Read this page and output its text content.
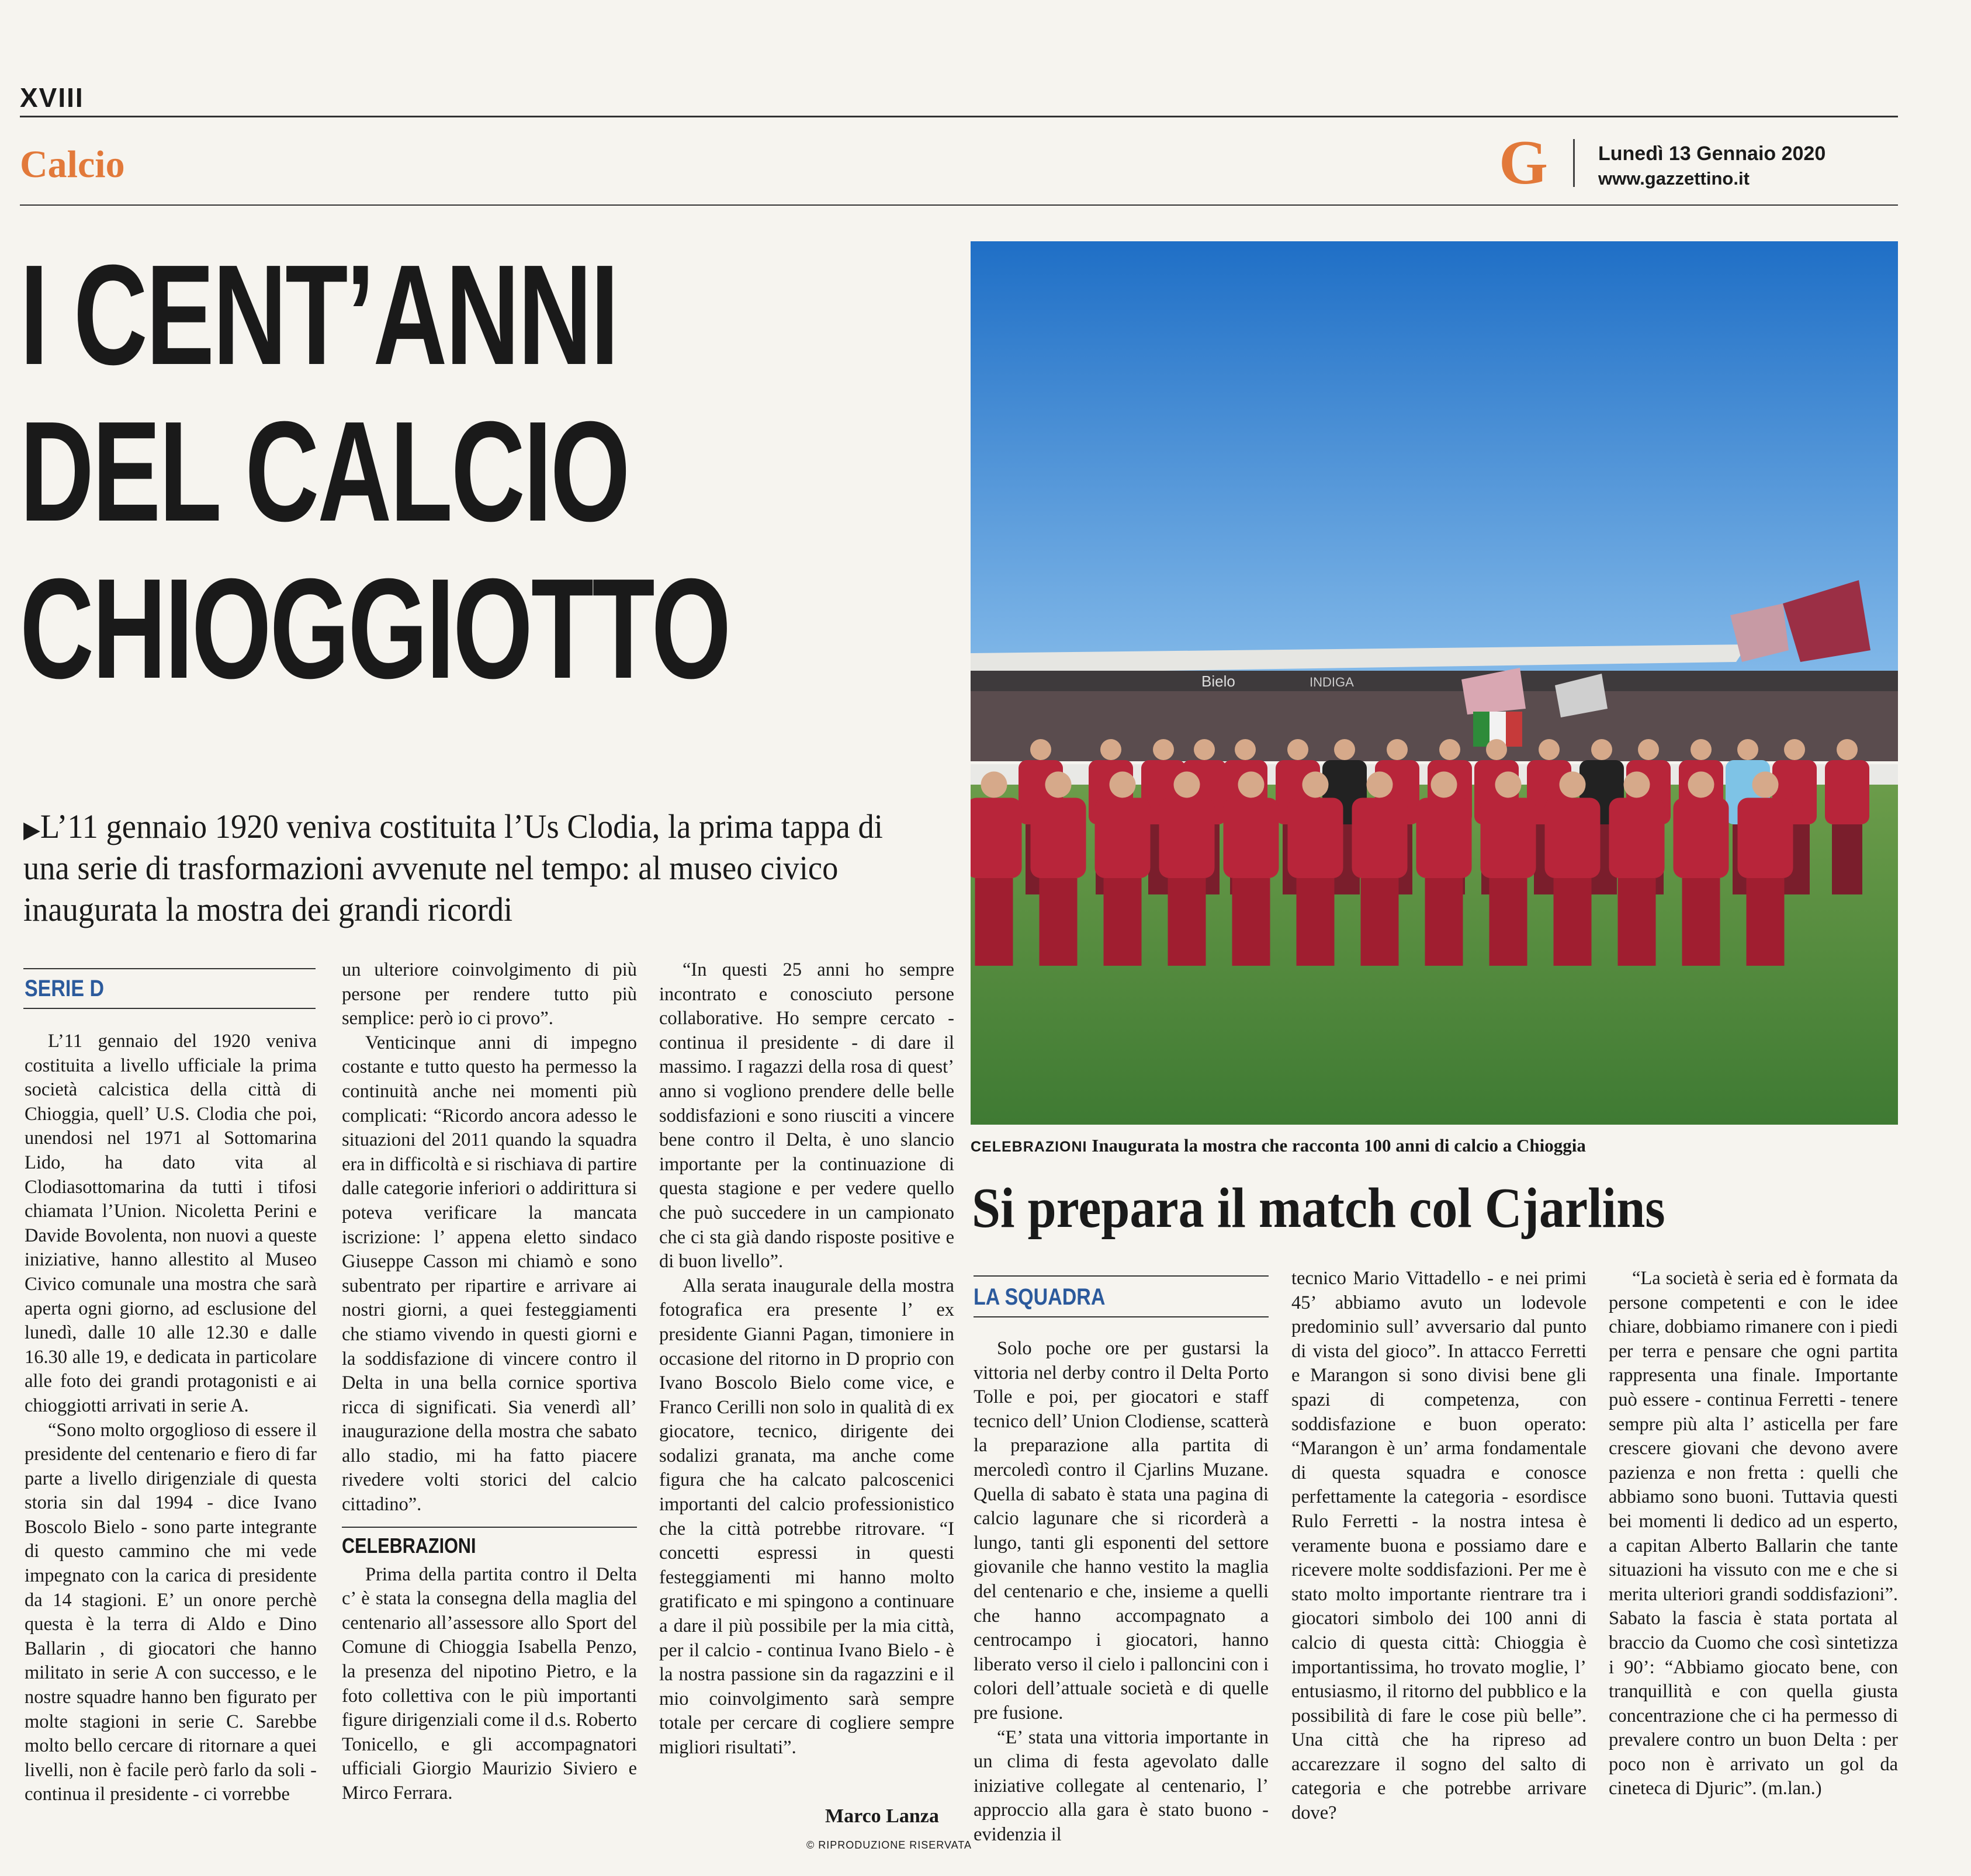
XVIII
Calcio	G	Lunedì 13 Gennaio 2020
www.gazzettino.it
I CENT’ANNI
DEL CALCIO
CHIOGGIOTTO
▶L’11 gennaio 1920 veniva costituita l’Us Clodia, la prima tappa di una serie di trasformazioni avvenute nel tempo: al museo civico inaugurata la mostra dei grandi ricordi
SERIE D

L’11 gennaio del 1920 veniva costituita a livello ufficiale la prima società calcistica della città di Chioggia, quell’ U.S. Clodia che poi, unendosi nel 1971 al Sottomarina Lido, ha dato vita al Clodiasottomarina da tutti i tifosi chiamata l’Union. Nicoletta Perini e Davide Bovolenta, non nuovi a queste iniziative, hanno allestito al Museo Civico comunale una mostra che sarà aperta ogni giorno, ad esclusione del lunedì, dalle 10 alle 12.30 e dalle 16.30 alle 19, e dedicata in particolare alle foto dei grandi protagonisti e ai chioggiotti arrivati in serie A.

“Sono molto orgoglioso di essere il presidente del centenario e fiero di far parte a livello dirigenziale di questa storia sin dal 1994 - dice Ivano Boscolo Bielo - sono parte integrante di questo cammino che mi vede impegnato con la carica di presidente da 14 stagioni. E’ un onore perchè questa è la terra di Aldo e Dino Ballarin , di giocatori che hanno militato in serie A con successo, e le nostre squadre hanno ben figurato per molte stagioni in serie C. Sarebbe molto bello cercare di ritornare a quei livelli, non è facile però farlo da soli - continua il presidente - ci vorrebbe

un ulteriore coinvolgimento di più persone per rendere tutto più semplice: però io ci provo”.

Venticinque anni di impegno costante e tutto questo ha permesso la continuità anche nei momenti più complicati: “Ricordo ancora adesso le situazioni del 2011 quando la squadra era in difficoltà e si rischiava di partire dalle categorie inferiori o addirittura si poteva verificare la mancata iscrizione: l’ appena eletto sindaco Giuseppe Casson mi chiamò e sono subentrato per ripartire e arrivare ai nostri giorni, a quei festeggiamenti che stiamo vivendo in questi giorni e la soddisfazione di vincere contro il Delta in una bella cornice sportiva ricca di significati. Sia venerdì all’ inaugurazione della mostra che sabato allo stadio, mi ha fatto piacere rivedere volti storici del calcio cittadino”.

CELEBRAZIONI

Prima della partita contro il Delta c’ è stata la consegna della maglia del centenario all’assessore allo Sport del Comune di Chioggia Isabella Penzo, la presenza del nipotino Pietro, e la foto collettiva con le più importanti figure dirigenziali come il d.s. Roberto Tonicello, e gli accompagnatori ufficiali Giorgio Maurizio Siviero e Mirco Ferrara.

“In questi 25 anni ho sempre incontrato e conosciuto persone collaborative. Ho sempre cercato - continua il presidente - di dare il massimo. I ragazzi della rosa di quest’ anno si vogliono prendere delle belle soddisfazioni e sono riusciti a vincere bene contro il Delta, è uno slancio importante per la continuazione di questa stagione e per vedere quello che può succedere in un campionato che ci sta già dando risposte positive e di buon livello”.

Alla serata inaugurale della mostra fotografica era presente l’ ex presidente Gianni Pagan, timoniere in occasione del ritorno in D proprio con Ivano Boscolo Bielo come vice, e Franco Cerilli non solo in qualità di ex giocatore, tecnico, dirigente dei sodalizi granata, ma anche come figura che ha calcato palcoscenici importanti del calcio professionistico che la città potrebbe ritrovare. “I concetti espressi in questi festeggiamenti mi hanno molto gratificato e mi spingono a continuare a dare il più possibile per la mia città, per il calcio - continua Ivano Bielo - è la nostra passione sin da ragazzini e il mio coinvolgimento sarà sempre totale per cercare di cogliere sempre migliori risultati”.

Marco Lanza
© RIPRODUZIONE RISERVATA
Bielo	INDIGA
CELEBRAZIONI Inaugurata la mostra che racconta 100 anni di calcio a Chioggia
Si prepara il match col Cjarlins
LA SQUADRA

Solo poche ore per gustarsi la vittoria nel derby contro il Delta Porto Tolle e poi, per giocatori e staff tecnico dell’ Union Clodiense, scatterà la preparazione alla partita di mercoledì contro il Cjarlins Muzane. Quella di sabato è stata una pagina di calcio lagunare che si ricorderà a lungo, tanti gli esponenti del settore giovanile che hanno vestito la maglia del centenario e che, insieme a quelli che hanno accompagnato a centrocampo i giocatori, hanno liberato verso il cielo i palloncini con i colori dell’attuale società e di quelle pre fusione.

“E’ stata una vittoria importante in un clima di festa agevolato dalle iniziative collegate al centenario, l’ approccio alla gara è stato buono - evidenzia il

tecnico Mario Vittadello - e nei primi 45’ abbiamo avuto un lodevole predominio sull’ avversario dal punto di vista del gioco”. In attacco Ferretti e Marangon si sono divisi bene gli spazi di competenza, con soddisfazione e buon operato: “Marangon è un’ arma fondamentale di questa squadra e conosce perfettamente la categoria - esordisce Rulo Ferretti - la nostra intesa è veramente buona e possiamo dare e ricevere molte soddisfazioni. Per me è stato molto importante rientrare tra i giocatori simbolo dei 100 anni di calcio di questa città: Chioggia è importantissima, ho trovato moglie, l’ entusiasmo, il ritorno del pubblico e la possibilità di fare le cose più belle”. Una città che ha ripreso ad accarezzare il sogno del salto di categoria e che potrebbe arrivare dove?

“La società è seria ed è formata da persone competenti e con le idee chiare, dobbiamo rimanere con i piedi per terra e pensare che ogni partita rappresenta una finale. Importante può essere - continua Ferretti - tenere sempre più alta l’ asticella per fare crescere giovani che devono avere pazienza e non fretta : quelli che abbiamo sono buoni. Tuttavia questi bei momenti li dedico ad un esperto, a capitan Alberto Ballarin che tante situazioni ha vissuto con me e che si merita ulteriori grandi soddisfazioni”. Sabato la fascia è stata portata al braccio da Cuomo che così sintetizza i 90’: “Abbiamo giocato bene, con tranquillità e con quella giusta concentrazione che ci ha permesso di prevalere contro un buon Delta : per poco non è arrivato un gol da cineteca di Djuric”. (m.lan.)
